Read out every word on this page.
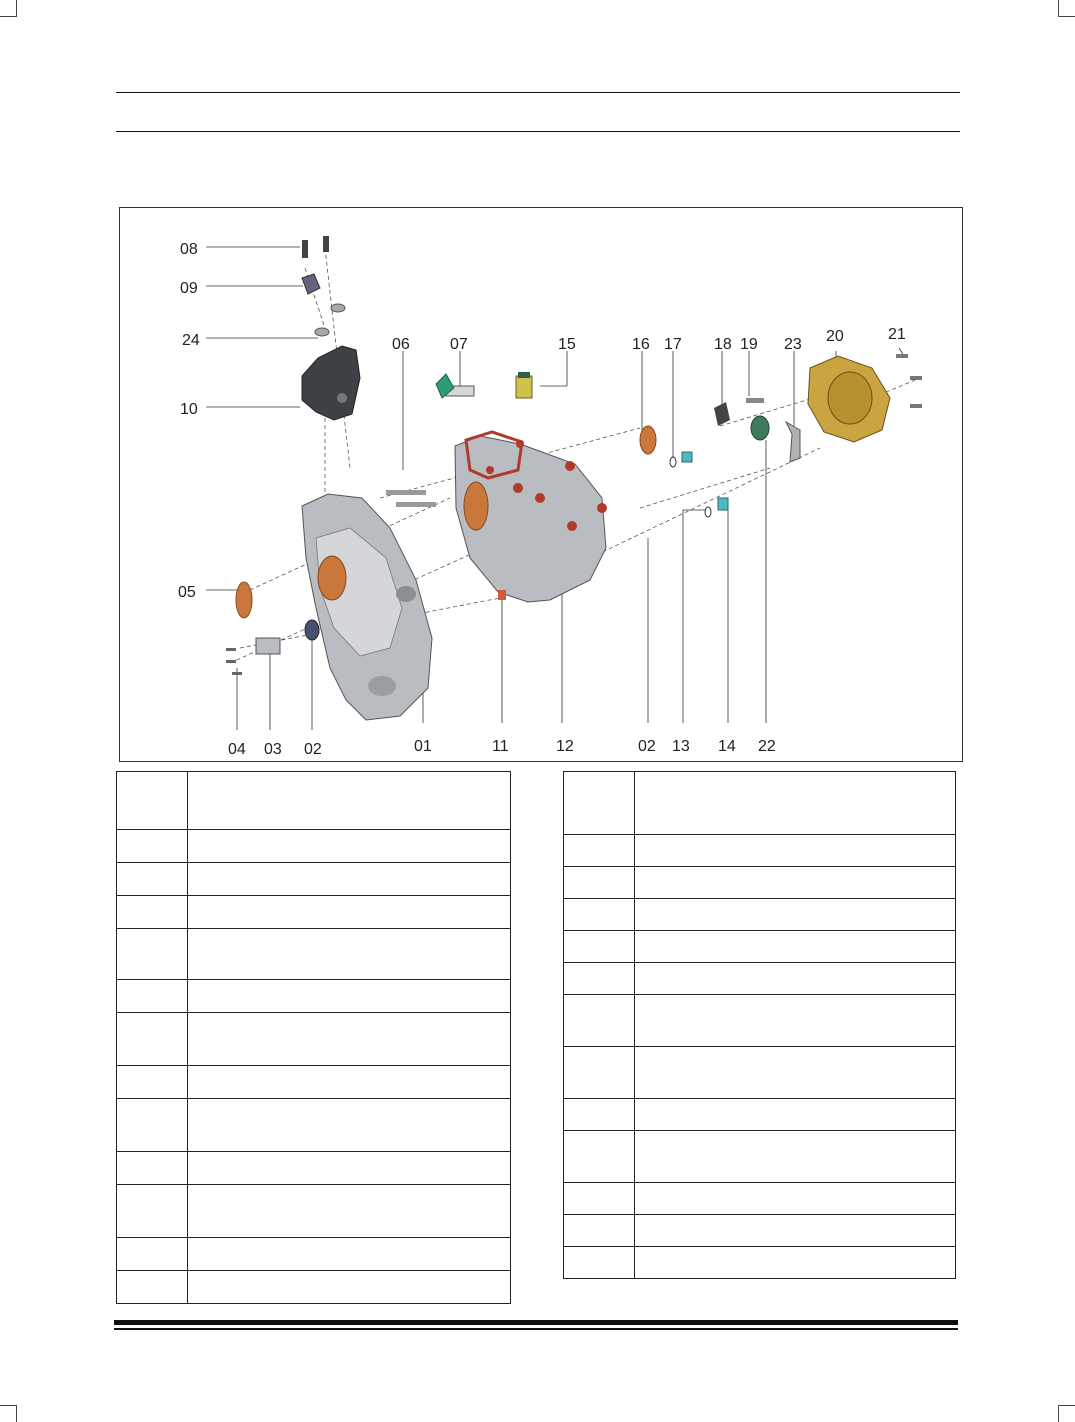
08
09
24
10
06	07	15	16 17 18 19 23 20	21
05
04 03 02	01	11	12	02 13 14 22
